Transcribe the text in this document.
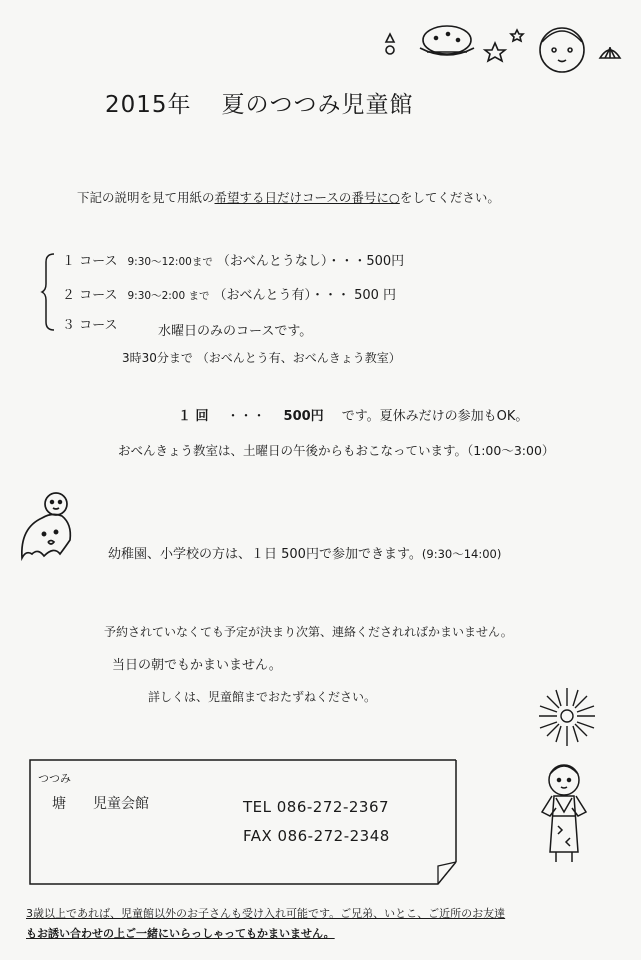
2015年 夏のつつみ児童館
下記の説明を見て用紙の希望する日だけコースの番号に○をしてください。
１ コース 9:30～12:00まで （おべんとうなし）・・・500円
２ コース 9:30～2:00 まで （おべんとう有）・・・ 500 円
３ コース	水曜日のみのコースです。
3時30分まで （おべんとう有、おべんきょう教室）
１ 回 ・・・ 500円 です。夏休みだけの参加もOK。
おべんきょう教室は、土曜日の午後からもおこなっています。（1:00～3:00）
幼稚園、小学校の方は、１日 500円で参加できます。(9:30～14:00)
予約されていなくても予定が決まり次第、連絡くだされればかまいません。
当日の朝でもかまいません。
詳しくは、児童館までおたずねください。
つつみ
塘 児童会館	TEL 086-272-2367
FAX 086-272-2348
3歳以上であれば、児童館以外のお子さんも受け入れ可能です。ご兄弟、いとこ、ご近所のお友達
もお誘い合わせの上ご一緒にいらっしゃってもかまいません。
